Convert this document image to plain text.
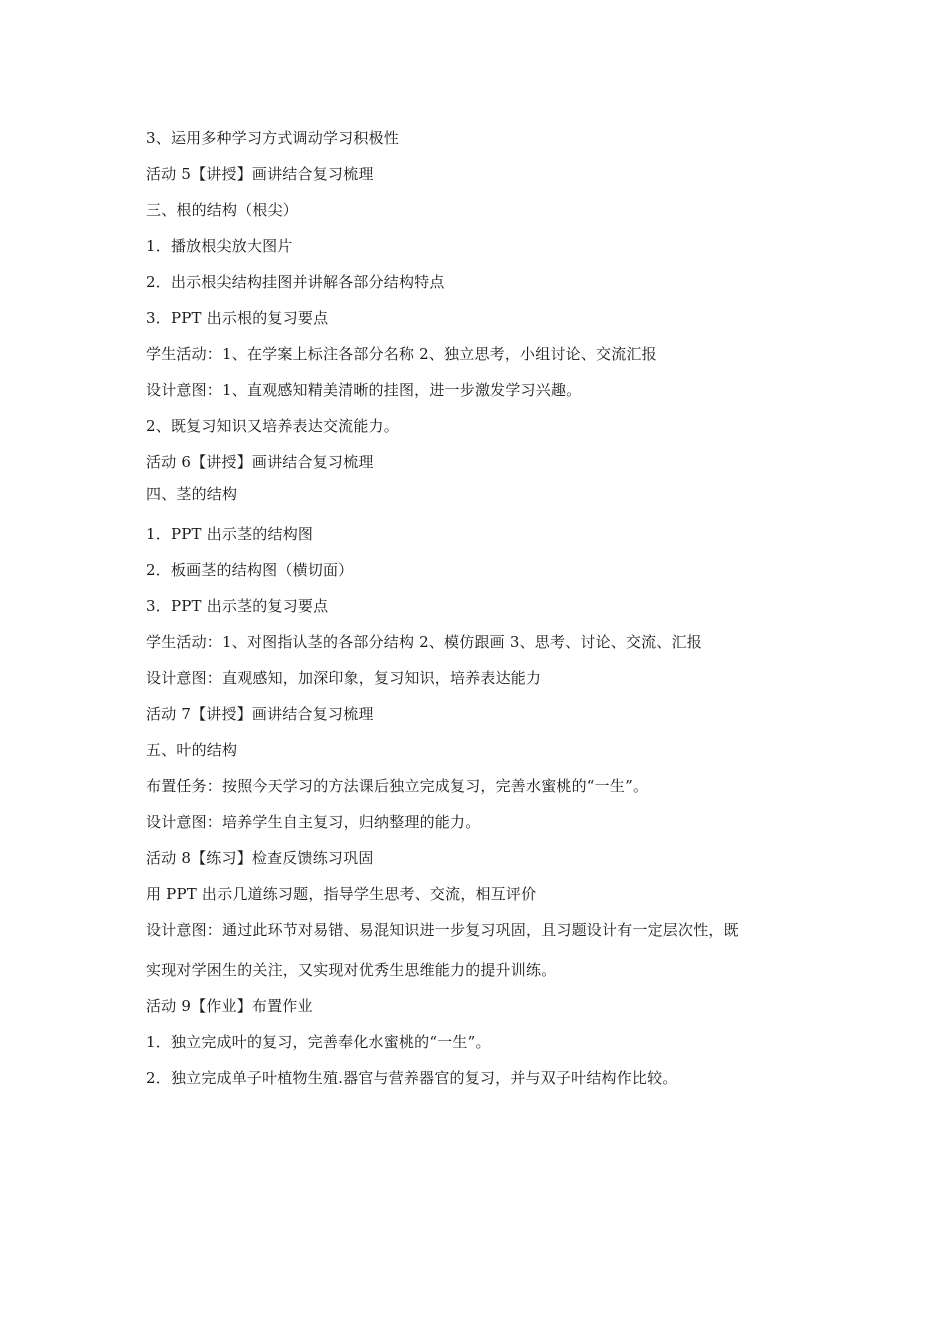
3、运用多种学习方式调动学习积极性
活动 5【讲授】画讲结合复习梳理
三、根的结构（根尖）
1．播放根尖放大图片
2．出示根尖结构挂图并讲解各部分结构特点
3．PPT 出示根的复习要点
学生活动：1、在学案上标注各部分名称 2、独立思考，小组讨论、交流汇报
设计意图：1、直观感知精美清晰的挂图，进一步激发学习兴趣。
2、既复习知识又培养表达交流能力。
活动 6【讲授】画讲结合复习梳理
四、茎的结构
1．PPT 出示茎的结构图
2．板画茎的结构图（横切面）
3．PPT 出示茎的复习要点
学生活动：1、对图指认茎的各部分结构 2、模仿跟画 3、思考、讨论、交流、汇报
设计意图：直观感知，加深印象，复习知识，培养表达能力
活动 7【讲授】画讲结合复习梳理
五、叶的结构
布置任务：按照今天学习的方法课后独立完成复习，完善水蜜桃的“一生”。
设计意图：培养学生自主复习，归纳整理的能力。
活动 8【练习】检查反馈练习巩固
用 PPT 出示几道练习题，指导学生思考、交流，相互评价
设计意图：通过此环节对易错、易混知识进一步复习巩固，且习题设计有一定层次性，既
实现对学困生的关注，又实现对优秀生思维能力的提升训练。
活动 9【作业】布置作业
1．独立完成叶的复习，完善奉化水蜜桃的“一生”。
2．独立完成单子叶植物生殖.器官与营养器官的复习，并与双子叶结构作比较。
